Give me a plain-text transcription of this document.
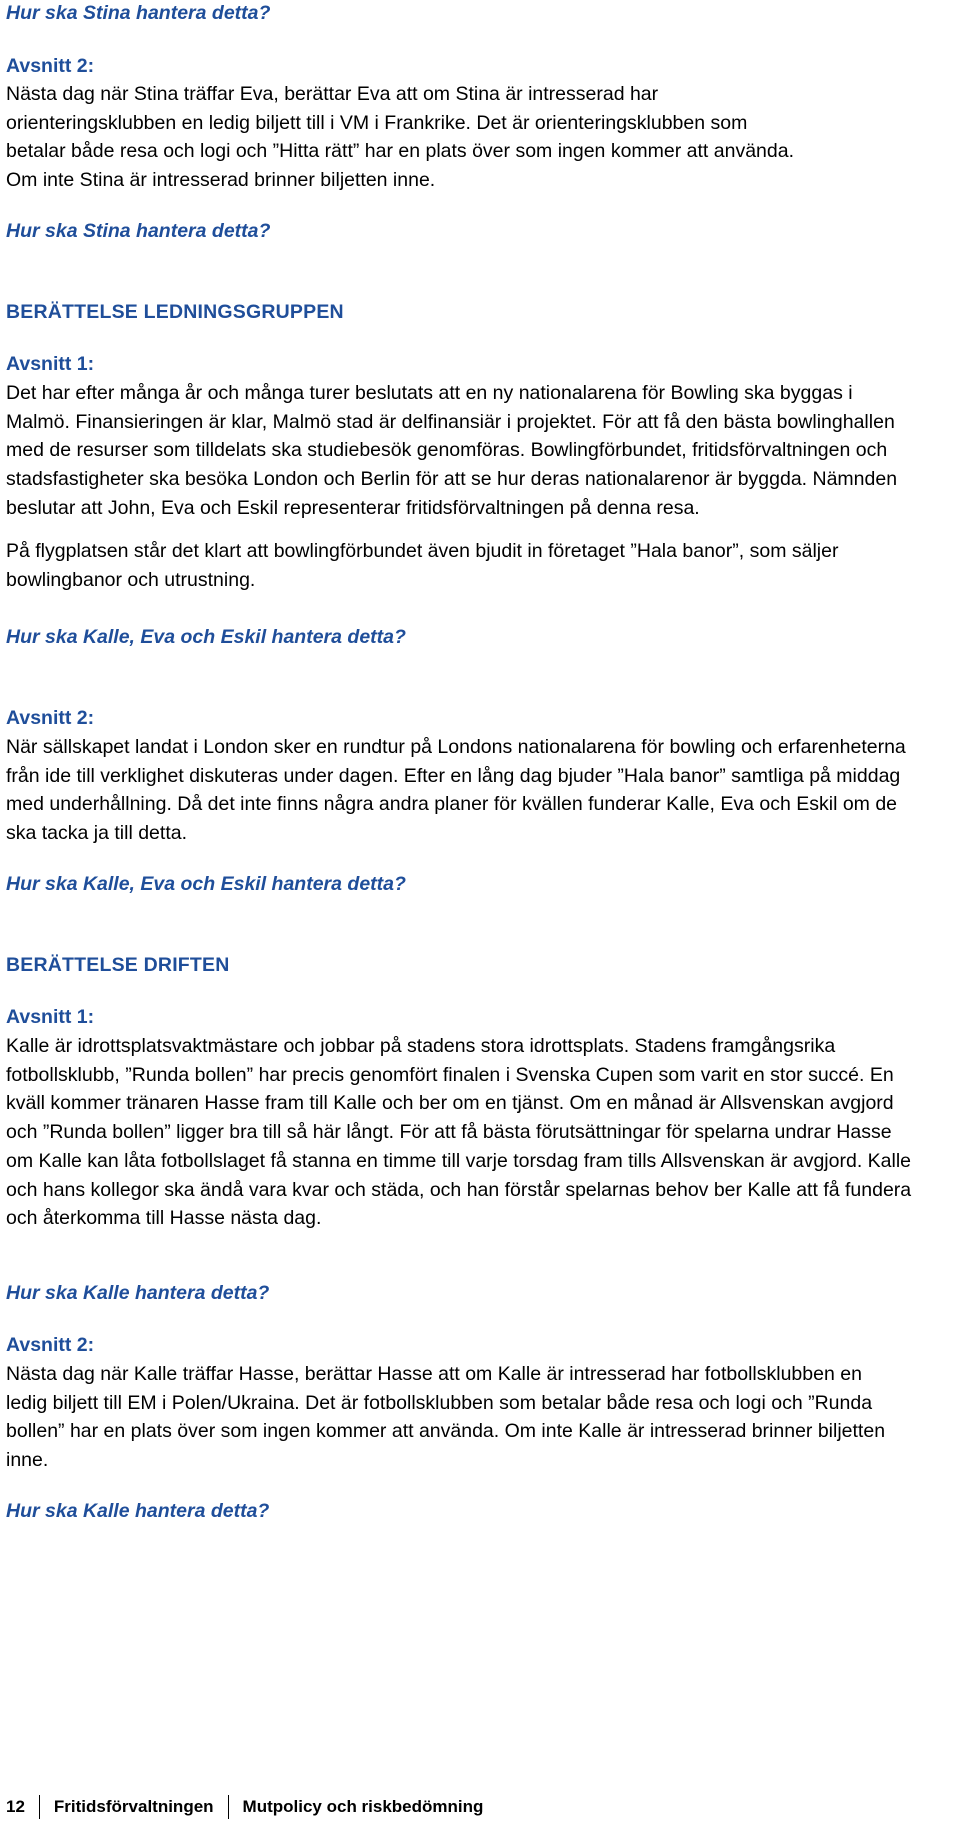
Hur ska Stina hantera detta?

Avsnitt 2:

Nästa dag när Stina träffar Eva, berättar Eva att om Stina är intresserad har orienteringsklubben en ledig biljett till i VM i Frankrike. Det är orienteringsklubben som betalar både resa och logi och ”Hitta rätt” har en plats över som ingen kommer att använda. Om inte Stina är intresserad brinner biljetten inne.

Hur ska Stina hantera detta?

BERÄTTELSE LEDNINGSGRUPPEN

Avsnitt 1:

Det har efter många år och många turer beslutats att en ny nationalarena för Bowling ska byggas i Malmö. Finansieringen är klar, Malmö stad är delfinansiär i projektet. För att få den bästa bowlinghallen med de resurser som tilldelats ska studiebesök genomföras. Bowlingförbundet, fritidsförvaltningen och stadsfastigheter ska besöka London och Berlin för att se hur deras nationalarenor är byggda. Nämnden beslutar att John, Eva och Eskil representerar fritidsförvaltningen på denna resa.

På flygplatsen står det klart att bowlingförbundet även bjudit in företaget ”Hala banor”, som säljer bowlingbanor och utrustning.

Hur ska Kalle, Eva och Eskil hantera detta?

Avsnitt 2:

När sällskapet landat i London sker en rundtur på Londons nationalarena för bowling och erfarenheterna från ide till verklighet diskuteras under dagen. Efter en lång dag bjuder ”Hala banor” samtliga på middag med underhållning. Då det inte finns några andra planer för kvällen funderar Kalle, Eva och Eskil om de ska tacka ja till detta.

Hur ska Kalle, Eva och Eskil hantera detta?

BERÄTTELSE DRIFTEN

Avsnitt 1:

Kalle är idrottsplatsvaktmästare och jobbar på stadens stora idrottsplats. Stadens framgångsrika fotbollsklubb, ”Runda bollen” har precis genomfört finalen i Svenska Cupen som varit en stor succé. En kväll kommer tränaren Hasse fram till Kalle och ber om en tjänst. Om en månad är Allsvenskan avgjord och ”Runda bollen” ligger bra till så här långt. För att få bästa förutsättningar för spelarna undrar Hasse om Kalle kan låta fotbollslaget få stanna en timme till varje torsdag fram tills Allsvenskan är avgjord. Kalle och hans kollegor ska ändå vara kvar och städa, och han förstår spelarnas behov ber Kalle att få fundera och återkomma till Hasse nästa dag.

Hur ska Kalle hantera detta?

Avsnitt 2:

Nästa dag när Kalle träffar Hasse, berättar Hasse att om Kalle är intresserad har fotbollsklubben en ledig biljett till EM i Polen/Ukraina. Det är fotbollsklubben som betalar både resa och logi och ”Runda bollen” har en plats över som ingen kommer att använda. Om inte Kalle är intresserad brinner biljetten inne.

Hur ska Kalle hantera detta?

12 Fritidsförvaltningen Mutpolicy och riskbedömning
